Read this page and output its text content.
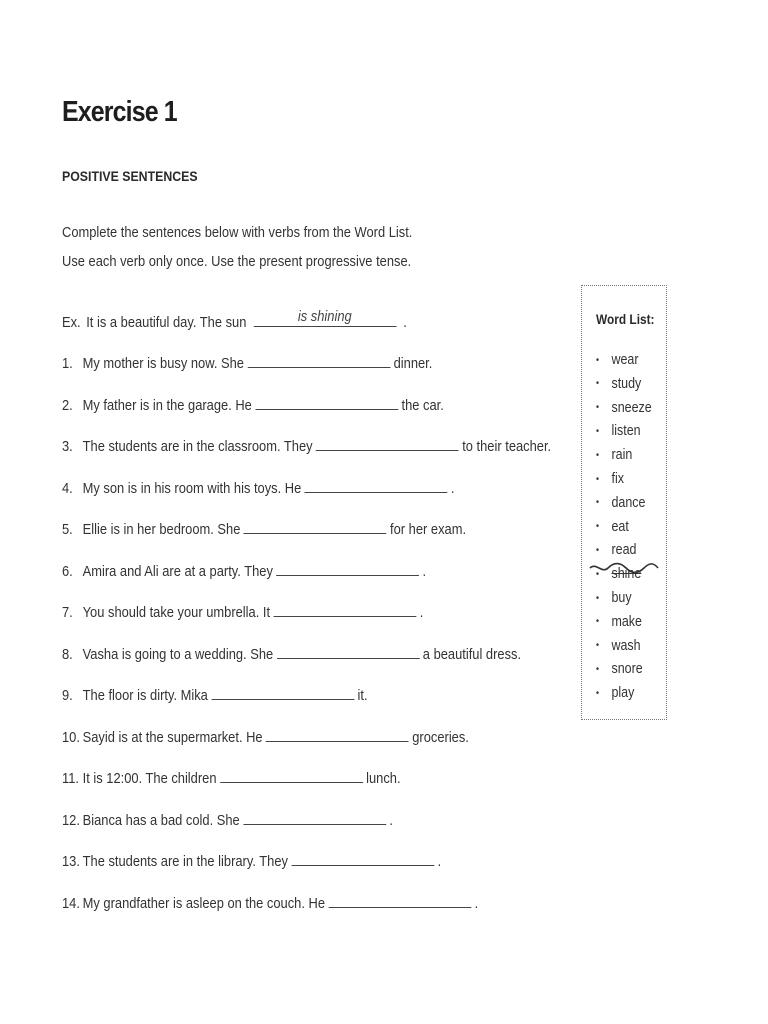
Exercise 1
POSITIVE SENTENCES
Complete the sentences below with verbs from the Word List.
Use each verb only once. Use the present progressive tense.
Ex. It is a beautiful day. The sun	is shining	.
1. My mother is busy now. She	dinner.
2. My father is in the garage. He	the car.
3. The students are in the classroom. They	to their teacher.
4. My son is in his room with his toys. He	.
5. Ellie is in her bedroom. She	for her exam.
6. Amira and Ali are at a party. They	.
7. You should take your umbrella. It	.
8. Vasha is going to a wedding. She	a beautiful dress.
9. The floor is dirty. Mika	it.
10. Sayid is at the supermarket. He	groceries.
11. It is 12:00. The children	lunch.
12. Bianca has a bad cold. She	.
13. The students are in the library. They	.
14. My grandfather is asleep on the couch. He	.
Word List:
• wear
• study
• sneeze
• listen
• rain
• fix
• dance
• eat
• read
• shine
• buy
• make
• wash
• snore
• play
